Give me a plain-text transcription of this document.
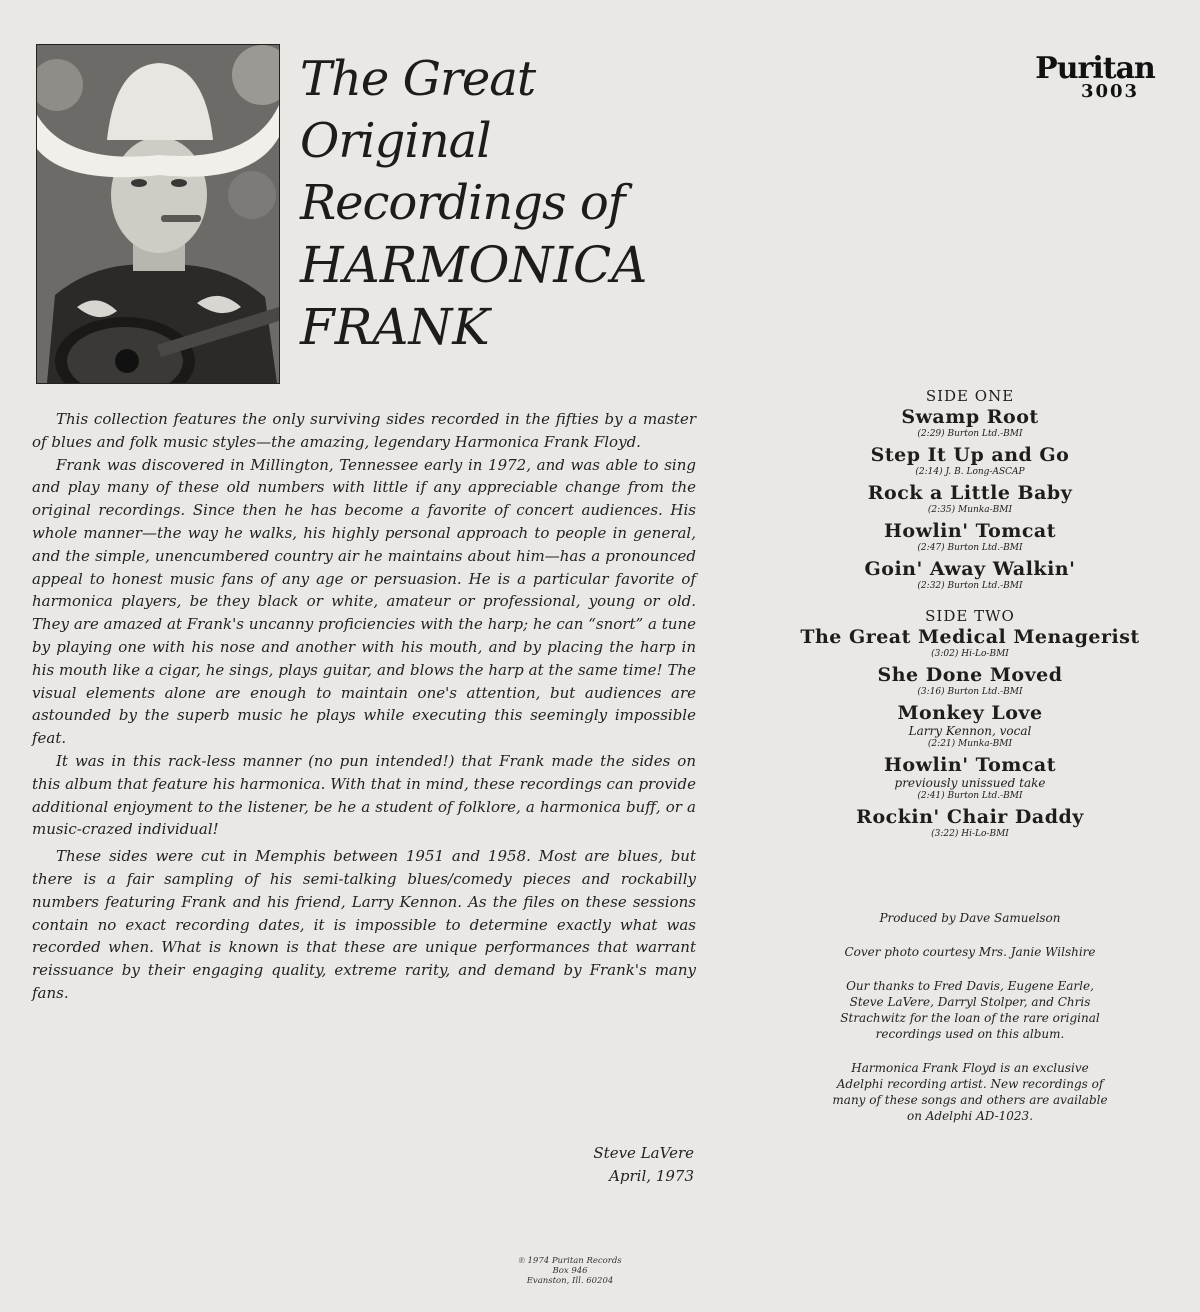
The Great
Original
Recordings of
HARMONICA
FRANK
Puritan
3003

This collection features the only surviving sides recorded in the fifties by a master of blues and folk music styles—the amazing, legendary Harmonica Frank Floyd.

Frank was discovered in Millington, Tennessee early in 1972, and was able to sing and play many of these old numbers with little if any appreciable change from the original recordings. Since then he has become a favorite of concert audiences. His whole manner—the way he walks, his highly personal approach to people in general, and the simple, unencumbered country air he maintains about him—has a pronounced appeal to honest music fans of any age or persuasion. He is a particular favorite of harmonica players, be they black or white, amateur or professional, young or old. They are amazed at Frank's uncanny proficiencies with the harp; he can “snort” a tune by playing one with his nose and another with his mouth, and by placing the harp in his mouth like a cigar, he sings, plays guitar, and blows the harp at the same time! The visual elements alone are enough to maintain one's attention, but audiences are astounded by the superb music he plays while executing this seemingly impossible feat.

It was in this rack-less manner (no pun intended!) that Frank made the sides on this album that feature his harmonica. With that in mind, these recordings can provide additional enjoyment to the listener, be he a student of folklore, a harmonica buff, or a music-crazed individual!

These sides were cut in Memphis between 1951 and 1958. Most are blues, but there is a fair sampling of his semi-talking blues/comedy pieces and rockabilly numbers featuring Frank and his friend, Larry Kennon. As the files on these sessions contain no exact recording dates, it is impossible to determine exactly what was recorded when. What is known is that these are unique performances that warrant reissuance by their engaging quality, extreme rarity, and demand by Frank's many fans.

Steve LaVere
April, 1973
℗ 1974 Puritan Records
Box 946
Evanston, Ill. 60204
SIDE ONE
Swamp Root
(2:29) Burton Ltd.-BMI
Step It Up and Go
(2:14) J. B. Long-ASCAP
Rock a Little Baby
(2:35) Munka-BMI
Howlin' Tomcat
(2:47) Burton Ltd.-BMI
Goin' Away Walkin'
(2:32) Burton Ltd.-BMI
SIDE TWO
The Great Medical Menagerist
(3:02) Hi-Lo-BMI
She Done Moved
(3:16) Burton Ltd.-BMI
Monkey Love
Larry Kennon, vocal
(2:21) Munka-BMI
Howlin' Tomcat
previously unissued take
(2:41) Burton Ltd.-BMI
Rockin' Chair Daddy
(3:22) Hi-Lo-BMI
Produced by Dave Samuelson
Cover photo courtesy Mrs. Janie Wilshire
Our thanks to Fred Davis, Eugene Earle, Steve LaVere, Darryl Stolper, and Chris Strachwitz for the loan of the rare original recordings used on this album.
Harmonica Frank Floyd is an exclusive Adelphi recording artist. New recordings of many of these songs and others are available on Adelphi AD-1023.
